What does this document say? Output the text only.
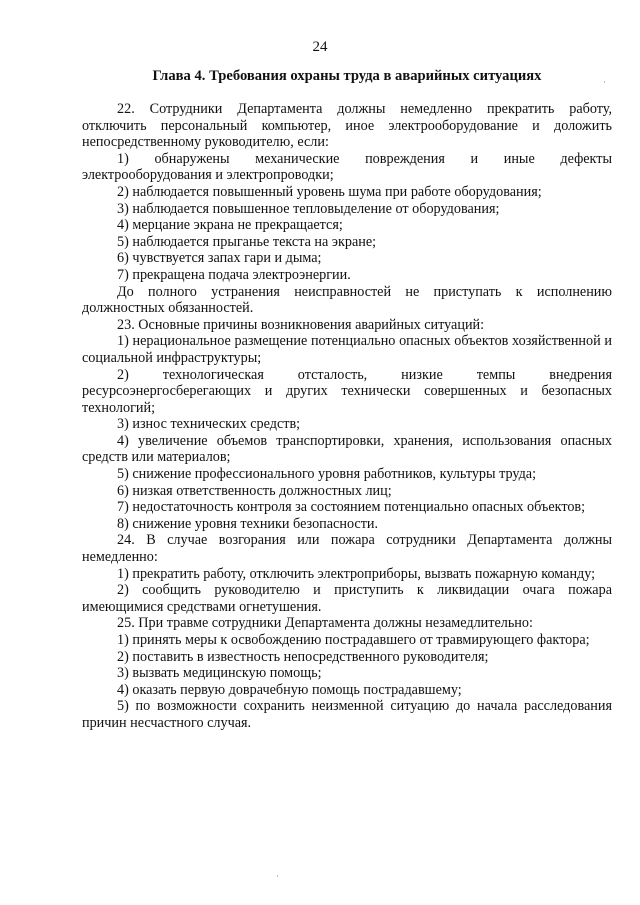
24
Глава 4. Требования охраны труда в аварийных ситуациях

22. Сотрудники Департамента должны немедленно прекратить работу, отключить персональный компьютер, иное электрооборудование и доложить непосредственному руководителю, если:

1) обнаружены механические повреждения и иные дефекты электрооборудования и электропроводки;

2) наблюдается повышенный уровень шума при работе оборудования;

3) наблюдается повышенное тепловыделение от оборудования;

4) мерцание экрана не прекращается;

5) наблюдается прыганье текста на экране;

6) чувствуется запах гари и дыма;

7) прекращена подача электроэнергии.

До полного устранения неисправностей не приступать к исполнению должностных обязанностей.

23. Основные причины возникновения аварийных ситуаций:

1) нерациональное размещение потенциально опасных объектов хозяйственной и социальной инфраструктуры;

2) технологическая отсталость, низкие темпы внедрения ресурсоэнергосберегающих и других технически совершенных и безопасных технологий;

3) износ технических средств;

4) увеличение объемов транспортировки, хранения, использования опасных средств или материалов;

5) снижение профессионального уровня работников, культуры труда;

6) низкая ответственность должностных лиц;

7) недостаточность контроля за состоянием потенциально опасных объектов;

8) снижение уровня техники безопасности.

24. В случае возгорания или пожара сотрудники Департамента должны немедленно:

1) прекратить работу, отключить электроприборы, вызвать пожарную команду;

2) сообщить руководителю и приступить к ликвидации очага пожара имеющимися средствами огнетушения.

25. При травме сотрудники Департамента должны незамедлительно:

1) принять меры к освобождению пострадавшего от травмирующего фактора;

2) поставить в известность непосредственного руководителя;

3) вызвать медицинскую помощь;

4) оказать первую доврачебную помощь пострадавшему;

5) по возможности сохранить неизменной ситуацию до начала расследования причин несчастного случая.

·
·
